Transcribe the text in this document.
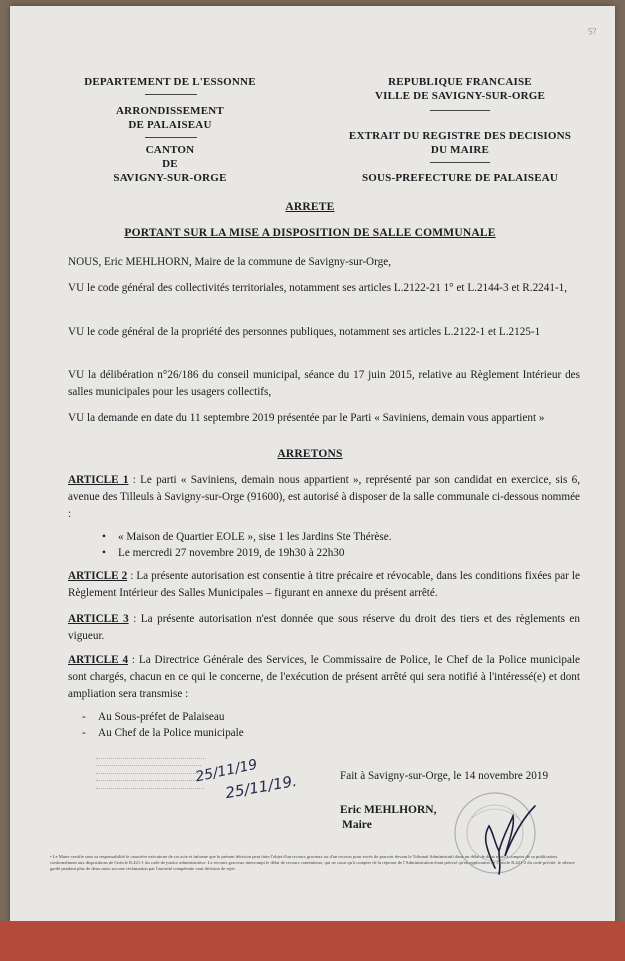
5?
DEPARTEMENT DE L'ESSONNE
ARRONDISSEMENT
DE PALAISEAU
CANTON
DE
SAVIGNY-SUR-ORGE
REPUBLIQUE FRANCAISE
VILLE DE SAVIGNY-SUR-ORGE
EXTRAIT DU REGISTRE DES DECISIONS
DU MAIRE
SOUS-PREFECTURE DE PALAISEAU
ARRETE
PORTANT SUR LA MISE A DISPOSITION DE SALLE COMMUNALE
NOUS, Eric MEHLHORN, Maire de la commune de Savigny-sur-Orge,
VU le code général des collectivités territoriales, notamment ses articles L.2122-21 1° et L.2144-3 et R.2241-1,
VU le code général de la propriété des personnes publiques, notamment ses articles L.2122-1 et L.2125-1
VU la délibération n°26/186 du conseil municipal, séance du 17 juin 2015, relative au Règlement Intérieur des salles municipales pour les usagers collectifs,
VU la demande en date du 11 septembre 2019 présentée par le Parti « Saviniens, demain vous appartient »
ARRETONS
ARTICLE 1 : Le parti « Saviniens, demain nous appartient », représenté par son candidat en exercice, sis 6, avenue des Tilleuls à Savigny-sur-Orge (91600), est autorisé à disposer de la salle communale ci-dessous nommée :
• « Maison de Quartier EOLE », sise 1 les Jardins Ste Thérèse.
• Le mercredi 27 novembre 2019, de 19h30 à 22h30
ARTICLE 2 : La présente autorisation est consentie à titre précaire et révocable, dans les conditions fixées par le Règlement Intérieur des Salles Municipales – figurant en annexe du présent arrêté.
ARTICLE 3 : La présente autorisation n'est donnée que sous réserve du droit des tiers et des règlements en vigueur.
ARTICLE 4 : La Directrice Générale des Services, le Commissaire de Police, le Chef de la Police municipale sont chargés, chacun en ce qui le concerne, de l'exécution de présent arrêté qui sera notifié à l'intéressé(e) et dont ampliation sera transmise :
- Au Sous-préfet de Palaiseau
- Au Chef de la Police municipale
25/11/19
25/11/19.	Fait à Savigny-sur-Orge, le 14 novembre 2019
Eric MEHLHORN,
Maire
• Le Maire certifie sous sa responsabilité le caractère exécutoire de cet acte et informe que le présent décision peut faire l'objet d'un recours gracieux ou d'un recours pour excès de pouvoir devant le Tribunal Administratif dans un délai de deux mois à compter de sa publication, conformément aux dispositions de l'article R.421-1 du code de justice administrative. Le recours gracieux interrompt le délai de recours contentieux, qui ne court qu'à compter de la réponse de l'Administration étant précisé qu'en application de l'article R.421-2 du code précité, le silence gardé pendant plus de deux mois sur une réclamation par l'autorité compétente vaut décision de rejet.
